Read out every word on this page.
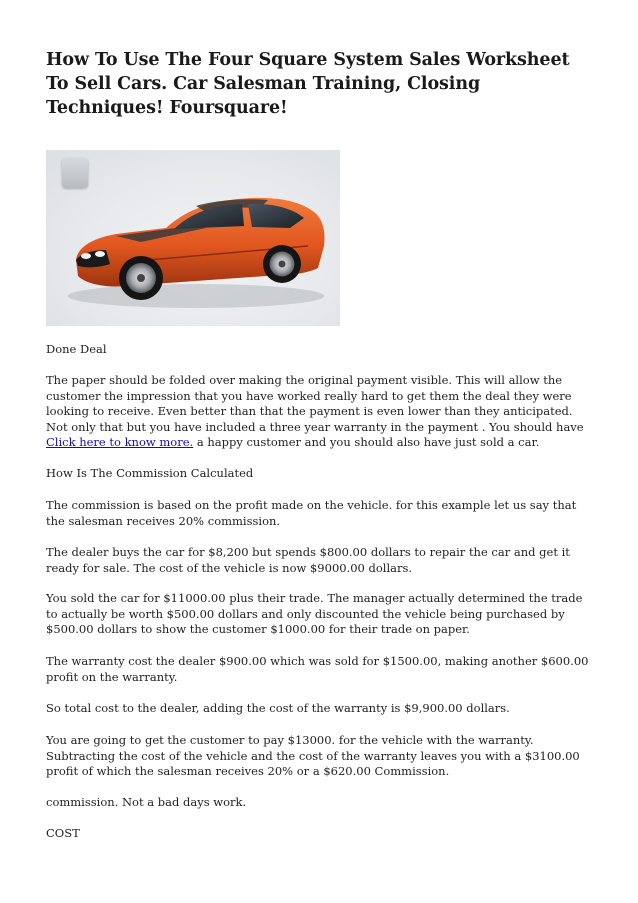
How To Use The Four Square System Sales Worksheet To Sell Cars. Car Salesman Training, Closing Techniques! Foursquare!

Done Deal

The paper should be folded over making the original payment visible. This will allow the customer the impression that you have worked really hard to get them the deal they were looking to receive. Even better than that the payment is even lower than they anticipated. Not only that but you have included a three year warranty in the payment . You should have Click here to know more. a happy customer and you should also have just sold a car.

How Is The Commission Calculated

The commission is based on the profit made on the vehicle. for this example let us say that the salesman receives 20% commission.

The dealer buys the car for $8,200 but spends $800.00 dollars to repair the car and get it ready for sale. The cost of the vehicle is now $9000.00 dollars.

You sold the car for $11000.00 plus their trade. The manager actually determined the trade to actually be worth $500.00 dollars and only discounted the vehicle being purchased by $500.00 dollars to show the customer $1000.00 for their trade on paper.

The warranty cost the dealer $900.00 which was sold for $1500.00, making another $600.00 profit on the warranty.

So total cost to the dealer, adding the cost of the warranty is $9,900.00 dollars.

You are going to get the customer to pay $13000. for the vehicle with the warranty. Subtracting the cost of the vehicle and the cost of the warranty leaves you with a $3100.00 profit of which the salesman receives 20% or a $620.00 Commission.

commission. Not a bad days work.

COST
